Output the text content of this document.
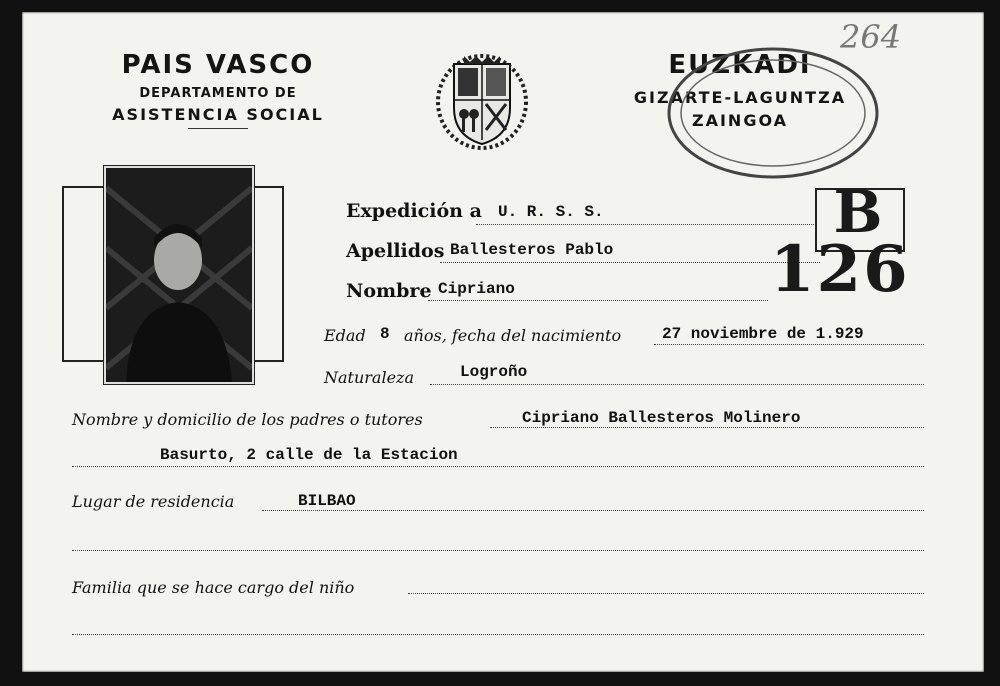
PAIS VASCO
DEPARTAMENTO DE
ASISTENCIA SOCIAL
EUZKADI
GIZARTE-LAGUNTZA
ZAINGOA
264
Expedición a U. R. S. S.
Apellidos Ballesteros Pablo
Nombre Cipriano
B
126
Edad 8 años, fecha del nacimiento	27 noviembre de 1.929
Naturaleza	Logroño
Nombre y domicilio de los padres o tutores	Cipriano Ballesteros Molinero
Basurto, 2 calle de la Estacion
Lugar de residencia	BILBAO
Familia que se hace cargo del niño
